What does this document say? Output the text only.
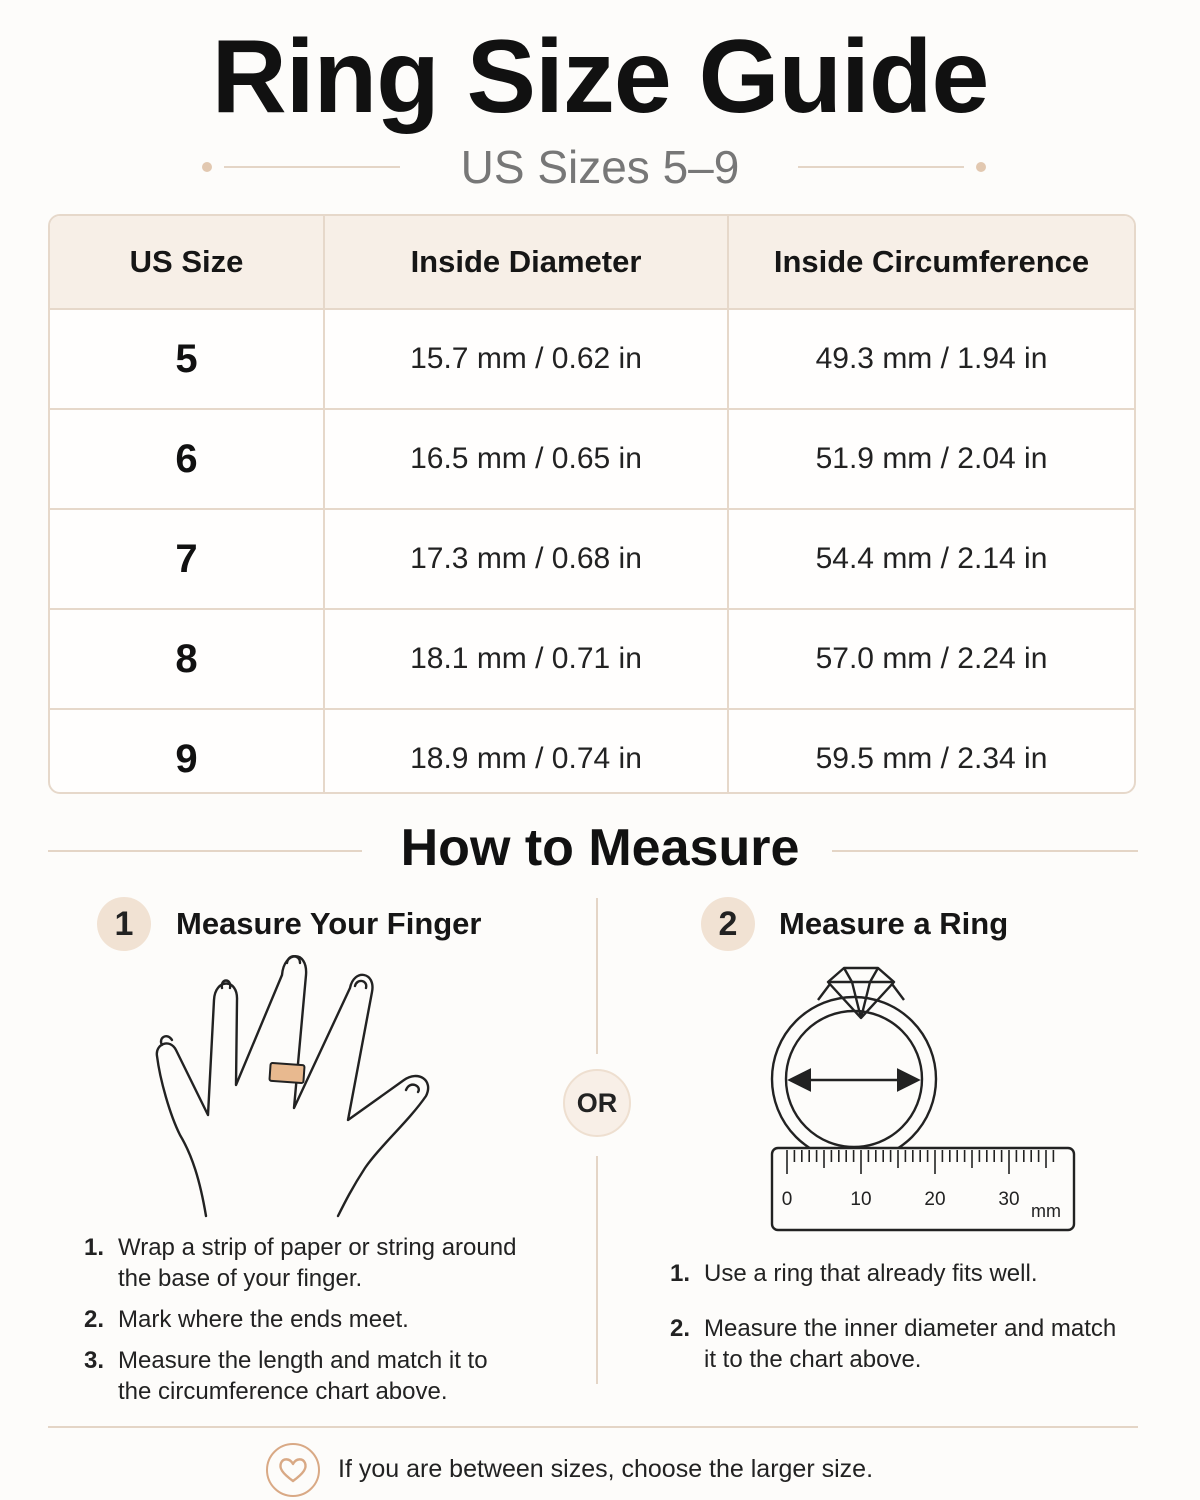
Ring Size Guide
US Sizes 5–9
US Size	Inside Diameter	Inside Circumference
5	15.7 mm / 0.62 in	49.3 mm / 1.94 in
6	16.5 mm / 0.65 in	51.9 mm / 2.04 in
7	17.3 mm / 0.68 in	54.4 mm / 2.14 in
8	18.1 mm / 0.71 in	57.0 mm / 2.24 in
9	18.9 mm / 0.74 in	59.5 mm / 2.34 in
How to Measure
1	Measure Your Finger
1. Wrap a strip of paper or string around the base of your finger.
2. Mark where the ends meet.
3. Measure the length and match it to the circumference chart above.
OR
2	Measure a Ring
0	10	20	30
mm
1. Use a ring that already fits well.
2. Measure the inner diameter and match it to the chart above.
If you are between sizes, choose the larger size.
